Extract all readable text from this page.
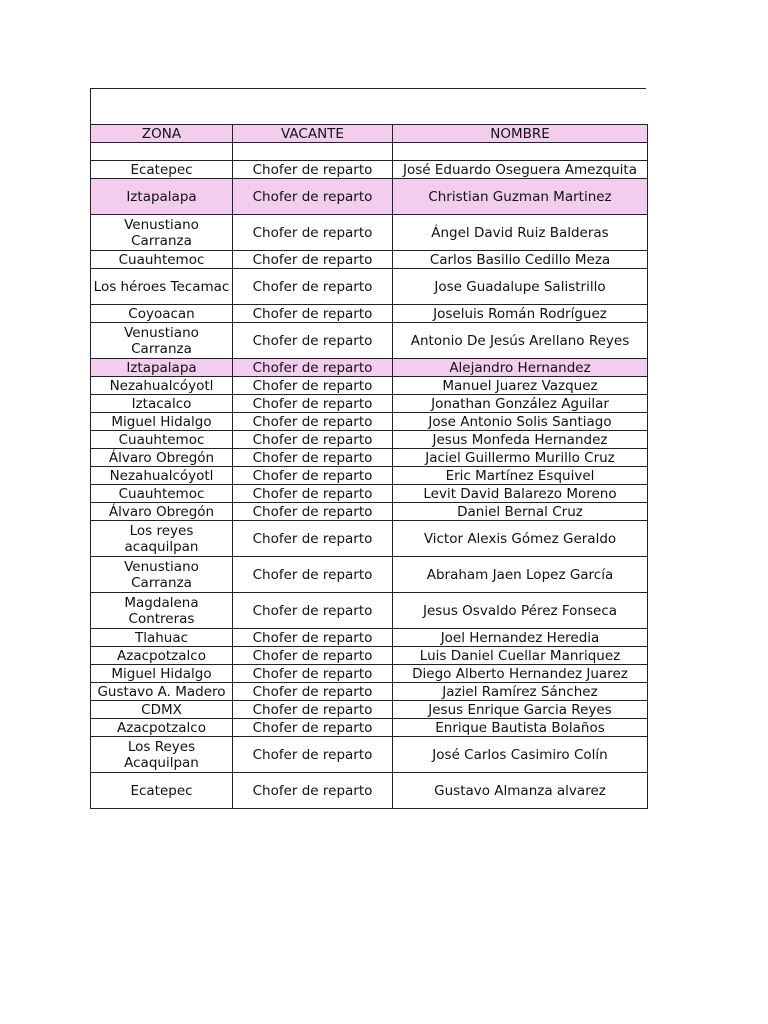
ZONA	VACANTE	NOMBRE

Ecatepec	Chofer de reparto	José Eduardo Oseguera Amezquita
Iztapalapa	Chofer de reparto	Christian Guzman Martinez
Venustiano Carranza	Chofer de reparto	Ángel David Ruiz Balderas
Cuauhtemoc	Chofer de reparto	Carlos Basilio Cedillo Meza
Los héroes Tecamac	Chofer de reparto	Jose Guadalupe Salistrillo
Coyoacan	Chofer de reparto	Joseluis Román Rodríguez
Venustiano Carranza	Chofer de reparto	Antonio De Jesús Arellano Reyes
Iztapalapa	Chofer de reparto	Alejandro Hernandez
Nezahualcóyotl	Chofer de reparto	Manuel Juarez Vazquez
Iztacalco	Chofer de reparto	Jonathan González Aguilar
Miguel Hidalgo	Chofer de reparto	Jose Antonio Solis Santiago
Cuauhtemoc	Chofer de reparto	Jesus Monfeda Hernandez
Álvaro Obregón	Chofer de reparto	Jaciel Guillermo Murillo Cruz
Nezahualcóyotl	Chofer de reparto	Eric Martínez Esquivel
Cuauhtemoc	Chofer de reparto	Levit David Balarezo Moreno
Álvaro Obregón	Chofer de reparto	Daniel Bernal Cruz
Los reyes acaquilpan	Chofer de reparto	Victor Alexis Gómez Geraldo
Venustiano Carranza	Chofer de reparto	Abraham Jaen Lopez García
Magdalena Contreras	Chofer de reparto	Jesus Osvaldo Pérez Fonseca
Tlahuac	Chofer de reparto	Joel Hernandez Heredia
Azacpotzalco	Chofer de reparto	Luis Daniel Cuellar Manriquez
Miguel Hidalgo	Chofer de reparto	Diego Alberto Hernandez Juarez
Gustavo A. Madero	Chofer de reparto	Jaziel Ramírez Sánchez
CDMX	Chofer de reparto	Jesus Enrique Garcia Reyes
Azacpotzalco	Chofer de reparto	Enrique Bautista Bolaños
Los Reyes Acaquilpan	Chofer de reparto	José Carlos Casimiro Colín
Ecatepec	Chofer de reparto	Gustavo Almanza alvarez
